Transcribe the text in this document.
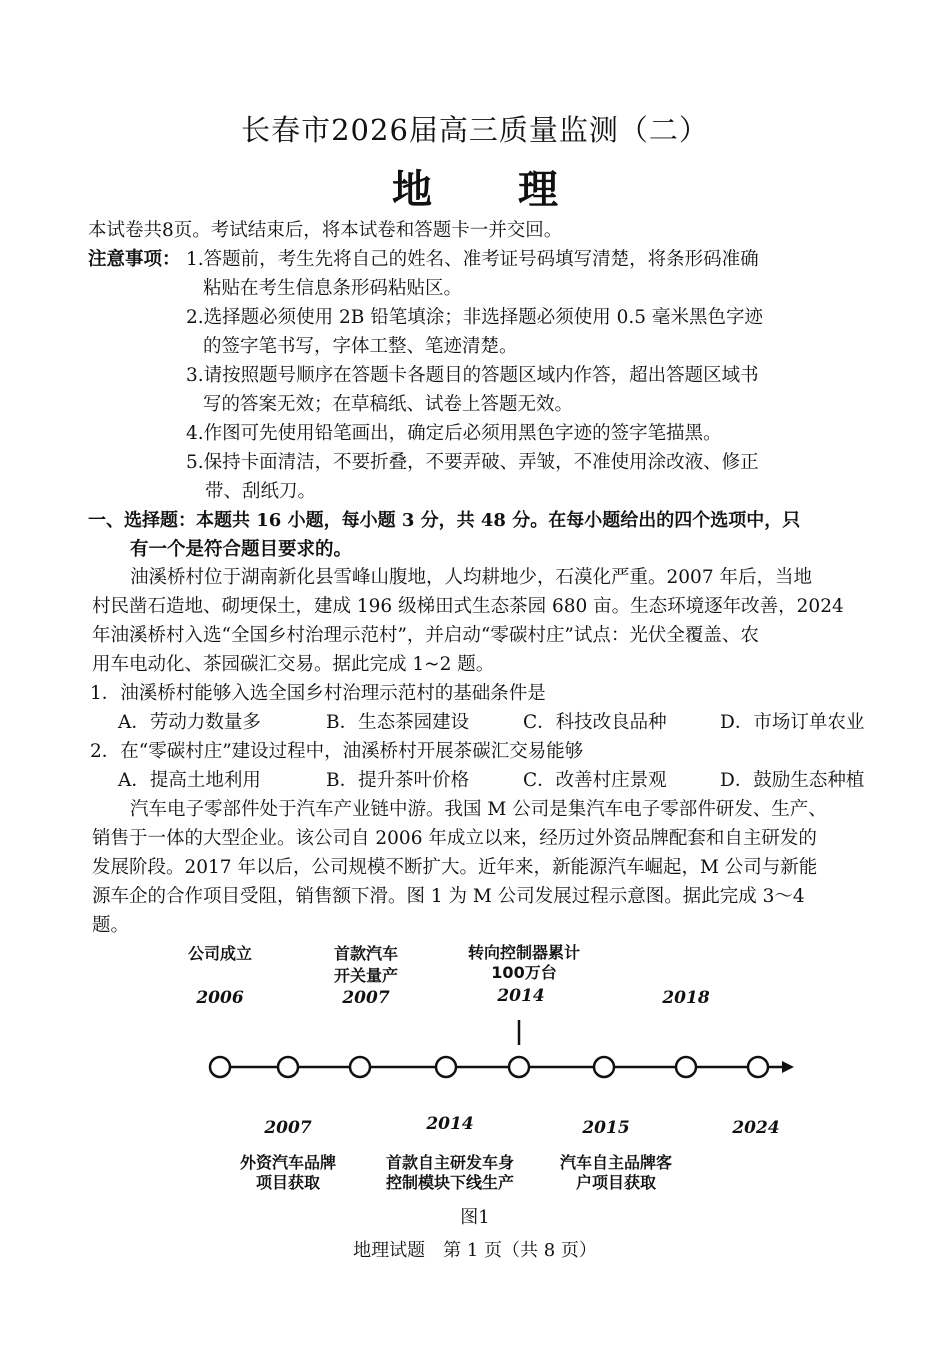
长春市2026届高三质量监测（二）
地 理
本试卷共8页。考试结束后，将本试卷和答题卡一并交回。
注意事项： 1.答题前，考生先将自己的姓名、准考证号码填写清楚，将条形码准确
粘贴在考生信息条形码粘贴区。
2.选择题必须使用 2B 铅笔填涂；非选择题必须使用 0.5 毫米黑色字迹
的签字笔书写，字体工整、笔迹清楚。
3.请按照题号顺序在答题卡各题目的答题区域内作答，超出答题区域书
写的答案无效；在草稿纸、试卷上答题无效。
4.作图可先使用铅笔画出，确定后必须用黑色字迹的签字笔描黑。
5.保持卡面清洁，不要折叠，不要弄破、弄皱，不准使用涂改液、修正
带、刮纸刀。
一、选择题：本题共 16 小题，每小题 3 分，共 48 分。在每小题给出的四个选项中，只
有一个是符合题目要求的。
油溪桥村位于湖南新化县雪峰山腹地，人均耕地少，石漠化严重。2007 年后，当地
村民凿石造地、砌埂保土，建成 196 级梯田式生态茶园 680 亩。生态环境逐年改善，2024
年油溪桥村入选“全国乡村治理示范村”，并启动“零碳村庄”试点：光伏全覆盖、农
用车电动化、茶园碳汇交易。据此完成 1~2 题。
1．油溪桥村能够入选全国乡村治理示范村的基础条件是
A．劳动力数量多	B．生态茶园建设	C．科技改良品种	D．市场订单农业
2．在“零碳村庄”建设过程中，油溪桥村开展茶碳汇交易能够
A．提高土地利用	B．提升茶叶价格	C．改善村庄景观	D．鼓励生态种植
汽车电子零部件处于汽车产业链中游。我国 M 公司是集汽车电子零部件研发、生产、
销售于一体的大型企业。该公司自 2006 年成立以来，经历过外资品牌配套和自主研发的
发展阶段。2017 年以后，公司规模不断扩大。近年来，新能源汽车崛起，M 公司与新能
源车企的合作项目受阻，销售额下滑。图 1 为 M 公司发展过程示意图。据此完成 3～4
题。
公司成立
2006
首款汽车
开关量产
2007
转向控制器累计
100万台
2014	2018
2007
外资汽车品牌
项目获取
2014
首款自主研发车身
控制模块下线生产
2015
汽车自主品牌客
户项目获取
2024
图1
地理试题　第 1 页（共 8 页）
